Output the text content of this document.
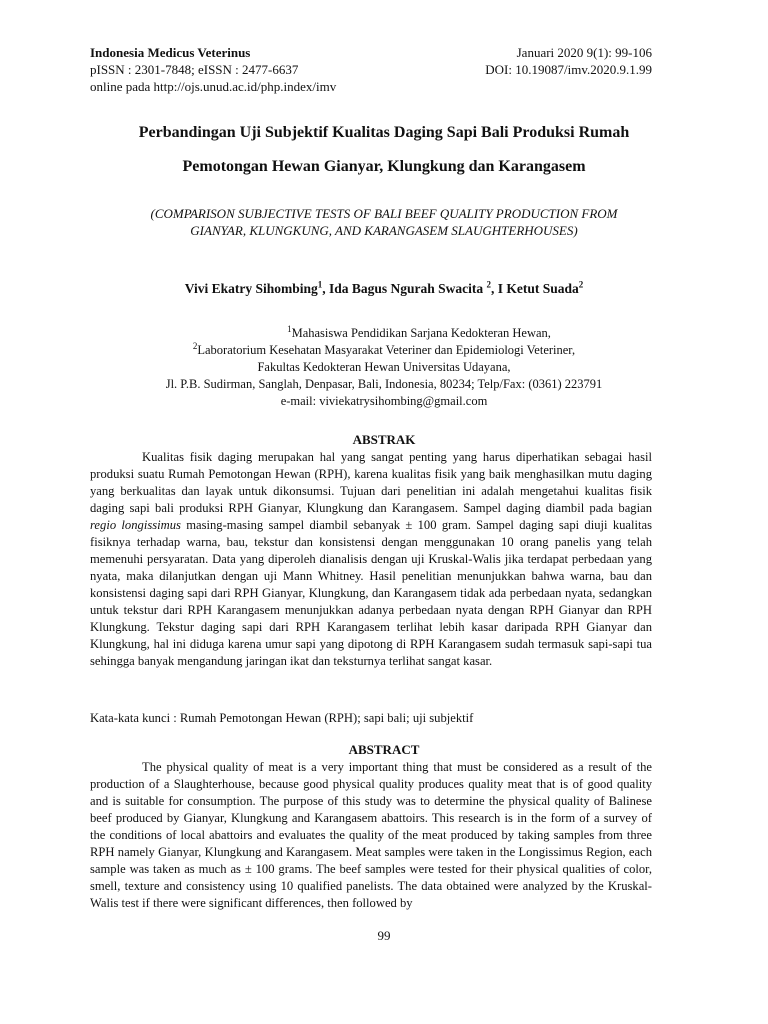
Indonesia Medicus Veterinus	Januari 2020 9(1): 99-106
pISSN : 2301-7848; eISSN : 2477-6637	DOI: 10.19087/imv.2020.9.1.99
online pada http://ojs.unud.ac.id/php.index/imv
Perbandingan Uji Subjektif Kualitas Daging Sapi Bali Produksi Rumah
Pemotongan Hewan Gianyar, Klungkung dan Karangasem
(COMPARISON SUBJECTIVE TESTS OF BALI BEEF QUALITY PRODUCTION FROM
GIANYAR, KLUNGKUNG, AND KARANGASEM SLAUGHTERHOUSES)
Vivi Ekatry Sihombing$^1$, Ida Bagus Ngurah Swacita $^2$, I Ketut Suada$^2$
$^1$Mahasiswa Pendidikan Sarjana Kedokteran Hewan,
$^2$Laboratorium Kesehatan Masyarakat Veteriner dan Epidemiologi Veteriner,
Fakultas Kedokteran Hewan Universitas Udayana,
Jl. P.B. Sudirman, Sanglah, Denpasar, Bali, Indonesia, 80234; Telp/Fax: (0361) 223791
e-mail: viviekatrysihombing@gmail.com
ABSTRAK
Kualitas fisik daging merupakan hal yang sangat penting yang harus diperhatikan sebagai hasil produksi suatu Rumah Pemotongan Hewan (RPH), karena kualitas fisik yang baik menghasilkan mutu daging yang berkualitas dan layak untuk dikonsumsi. Tujuan dari penelitian ini adalah mengetahui kualitas fisik daging sapi bali produksi RPH Gianyar, Klungkung dan Karangasem. Sampel daging diambil pada bagian regio longissimus masing-masing sampel diambil sebanyak ± 100 gram. Sampel daging sapi diuji kualitas fisiknya terhadap warna, bau, tekstur dan konsistensi dengan menggunakan 10 orang panelis yang telah memenuhi persyaratan. Data yang diperoleh dianalisis dengan uji Kruskal-Walis jika terdapat perbedaan yang nyata, maka dilanjutkan dengan uji Mann Whitney. Hasil penelitian menunjukkan bahwa warna, bau dan konsistensi daging sapi dari RPH Gianyar, Klungkung, dan Karangasem tidak ada perbedaan nyata, sedangkan untuk tekstur dari RPH Karangasem menunjukkan adanya perbedaan nyata dengan RPH Gianyar dan RPH Klungkung. Tekstur daging sapi dari RPH Karangasem terlihat lebih kasar daripada RPH Gianyar dan Klungkung, hal ini diduga karena umur sapi yang dipotong di RPH Karangasem sudah termasuk sapi-sapi tua sehingga banyak mengandung jaringan ikat dan teksturnya terlihat sangat kasar.
Kata-kata kunci : Rumah Pemotongan Hewan (RPH); sapi bali; uji subjektif
ABSTRACT
The physical quality of meat is a very important thing that must be considered as a result of the production of a Slaughterhouse, because good physical quality produces quality meat that is of good quality and is suitable for consumption. The purpose of this study was to determine the physical quality of Balinese beef produced by Gianyar, Klungkung and Karangasem abattoirs. This research is in the form of a survey of the conditions of local abattoirs and evaluates the quality of the meat produced by taking samples from three RPH namely Gianyar, Klungkung and Karangasem. Meat samples were taken in the Longissimus Region, each sample was taken as much as ± 100 grams. The beef samples were tested for their physical qualities of color, smell, texture and consistency using 10 qualified panelists. The data obtained were analyzed by the Kruskal-Walis test if there were significant differences, then followed by
99
